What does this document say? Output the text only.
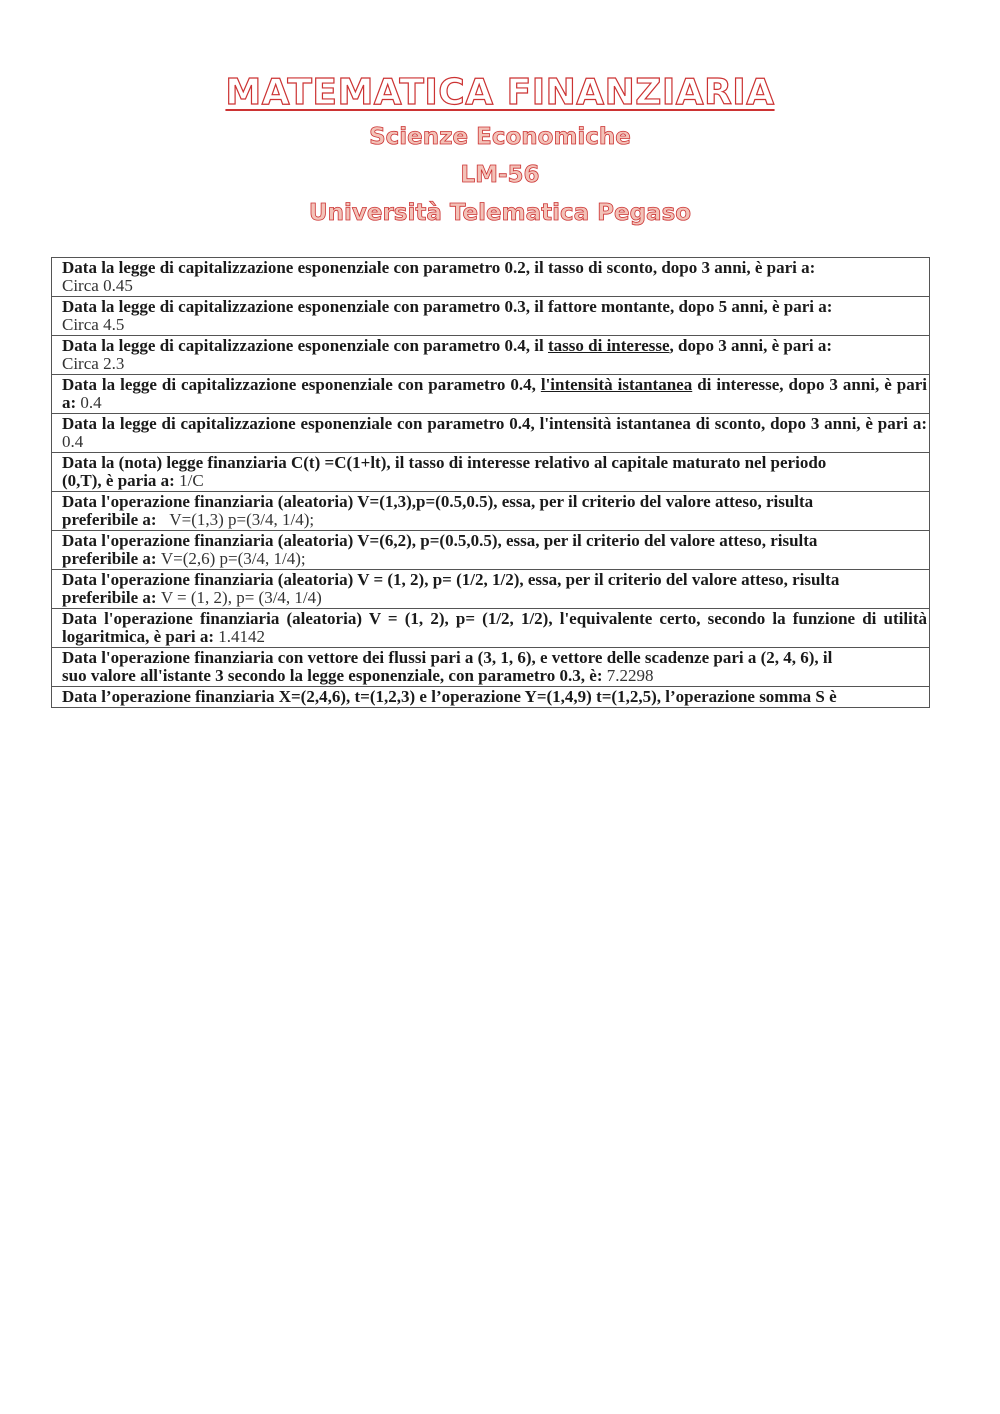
MATEMATICA FINANZIARIA
Scienze Economiche
LM-56
Università Telematica Pegaso
Data la legge di capitalizzazione esponenziale con parametro 0.2, il tasso di sconto, dopo 3 anni, è pari a:
Circa 0.45
Data la legge di capitalizzazione esponenziale con parametro 0.3, il fattore montante, dopo 5 anni, è pari a:
Circa 4.5
Data la legge di capitalizzazione esponenziale con parametro 0.4, il tasso di interesse, dopo 3 anni, è pari a:
Circa 2.3
Data la legge di capitalizzazione esponenziale con parametro 0.4, l'intensità istantanea di interesse, dopo 3 anni, è pari a: 0.4
Data la legge di capitalizzazione esponenziale con parametro 0.4, l'intensità istantanea di sconto, dopo 3 anni, è pari a: 0.4
Data la (nota) legge finanziaria C(t) =C(1+lt), il tasso di interesse relativo al capitale maturato nel periodo
(0,T), è paria a: 1/C
Data l'operazione finanziaria (aleatoria) V=(1,3),p=(0.5,0.5), essa, per il criterio del valore atteso, risulta
preferibile a: V=(1,3) p=(3/4, 1/4);
Data l'operazione finanziaria (aleatoria) V=(6,2), p=(0.5,0.5), essa, per il criterio del valore atteso, risulta
preferibile a: V=(2,6) p=(3/4, 1/4);
Data l'operazione finanziaria (aleatoria) V = (1, 2), p= (1/2, 1/2), essa, per il criterio del valore atteso, risulta
preferibile a: V = (1, 2), p= (3/4, 1/4)
Data l'operazione finanziaria (aleatoria) V = (1, 2), p= (1/2, 1/2), l'equivalente certo, secondo la funzione di utilità logaritmica, è pari a: 1.4142
Data l'operazione finanziaria con vettore dei flussi pari a (3, 1, 6), e vettore delle scadenze pari a (2, 4, 6), il
suo valore all'istante 3 secondo la legge esponenziale, con parametro 0.3, è: 7.2298
Data l’operazione finanziaria X=(2,4,6), t=(1,2,3) e l’operazione Y=(1,4,9) t=(1,2,5), l’operazione somma S è
